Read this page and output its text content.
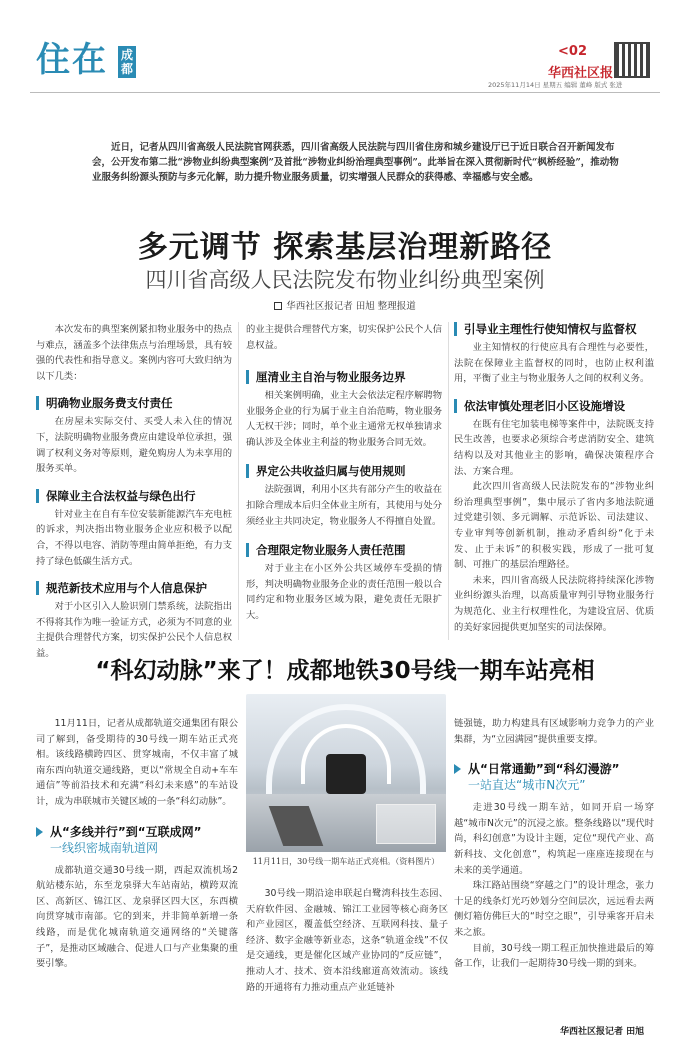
住在 成都
<02
华西社区报
2025年11月14日 星期五 编辑 董峰 版式 张进
近日，记者从四川省高级人民法院官网获悉，四川省高级人民法院与四川省住房和城乡建设厅已于近日联合召开新闻发布会，公开发布第二批“涉物业纠纷典型案例”及首批“涉物业纠纷治理典型事例”。此举旨在深入贯彻新时代“枫桥经验”，推动物业服务纠纷源头预防与多元化解，助力提升物业服务质量，切实增强人民群众的获得感、幸福感与安全感。
多元调节 探索基层治理新路径
四川省高级人民法院发布物业纠纷典型案例
华西社区报记者 田旭 整理报道

本次发布的典型案例紧扣物业服务中的热点与难点，涵盖多个法律焦点与治理场景，具有较强的代表性和指导意义。案例内容可大致归纳为以下几类：

明确物业服务费支付责任

在房屋未实际交付、买受人未入住的情况下，法院明确物业服务费应由建设单位承担，强调了权利义务对等原则，避免购房人为未享用的服务买单。

保障业主合法权益与绿色出行

针对业主在自有车位安装新能源汽车充电桩的诉求，判决指出物业服务企业应积极予以配合，不得以电容、消防等理由简单拒绝，有力支持了绿色低碳生活方式。

规范新技术应用与个人信息保护

对于小区引入人脸识别门禁系统，法院指出不得将其作为唯一验证方式，必须为不同意的业主提供合理替代方案，切实保护公民个人信息权益。

的业主提供合理替代方案，切实保护公民个人信息权益。

厘清业主自治与物业服务边界

相关案例明确，业主大会依法定程序解聘物业服务企业的行为属于业主自治范畴，物业服务人无权干涉；同时，单个业主通常无权单独请求确认涉及全体业主利益的物业服务合同无效。

界定公共收益归属与使用规则

法院强调，利用小区共有部分产生的收益在扣除合理成本后归全体业主所有，其使用与处分须经业主共同决定，物业服务人不得擅自处置。

合理限定物业服务人责任范围

对于业主在小区外公共区域停车受损的情形，判决明确物业服务企业的责任范围一般以合同约定和物业服务区域为限，避免责任无限扩大。

引导业主理性行使知情权与监督权

业主知情权的行使应具有合理性与必要性，法院在保障业主监督权的同时，也防止权利滥用，平衡了业主与物业服务人之间的权利义务。

依法审慎处理老旧小区设施增设

在既有住宅加装电梯等案件中，法院既支持民生改善，也要求必须综合考虑消防安全、建筑结构以及对其他业主的影响，确保决策程序合法、方案合理。

此次四川省高级人民法院发布的“涉物业纠纷治理典型事例”，集中展示了省内多地法院通过党建引领、多元调解、示范诉讼、司法建议、专业审判等创新机制，推动矛盾纠纷“化于未发、止于未诉”的积极实践，形成了一批可复制、可推广的基层治理路径。

未来，四川省高级人民法院将持续深化涉物业纠纷源头治理，以高质量审判引导物业服务行为规范化、业主行权理性化，为建设宜居、优质的美好家园提供更加坚实的司法保障。

“科幻动脉”来了！成都地铁30号线一期车站亮相

11月11日，记者从成都轨道交通集团有限公司了解到，备受期待的30号线一期车站正式亮相。该线路横跨四区、贯穿城南，不仅丰富了城南东西向轨道交通线路，更以“常规全自动+车车通信”等前沿技术和充满“科幻未来感”的车站设计，成为串联城市关键区域的一条“科幻动脉”。

从“多线并行”到“互联成网”
一线织密城南轨道网

成都轨道交通30号线一期，西起双流机场2航站楼东站，东至龙泉驿大车站南站，横跨双流区、高新区、锦江区、龙泉驿区四大区，东西横向贯穿城市南部。它的到来，并非简单新增一条线路，而是优化城南轨道交通网络的“关键落子”，是推动区域融合、促进人口与产业集聚的重要引擎。

11月11日，30号线一期车站正式亮相。（资料图片）

30号线一期沿途串联起白鹭湾科技生态园、天府软件园、金融城、锦江工业园等核心商务区和产业园区，覆盖低空经济、互联网科技、量子经济、数字金融等新业态，这条“轨道金线”不仅是交通线，更是催化区域产业协同的“反应链”，推动人才、技术、资本沿线廊道高效流动。该线路的开通将有力推动重点产业延链补

链强链，助力构建具有区域影响力竞争力的产业集群，为“立园满园”提供重要支撑。

从“日常通勤”到“科幻漫游”
一站直达“城市N次元”

走进30号线一期车站，如同开启一场穿越“城市N次元”的沉浸之旅。整条线路以“现代时尚，科幻创意”为设计主题，定位“现代产业、高新科技、文化创意”，构筑起一座座连接现在与未来的美学通道。

珠江路站围绕“穿越之门”的设计理念，张力十足的线条灯光巧妙划分空间层次，远远看去两侧灯箱仿佛巨大的“时空之眼”，引导乘客开启未来之旅。

目前，30号线一期工程正加快推进最后的筹备工作，让我们一起期待30号线一期的到来。

华西社区报记者 田旭
